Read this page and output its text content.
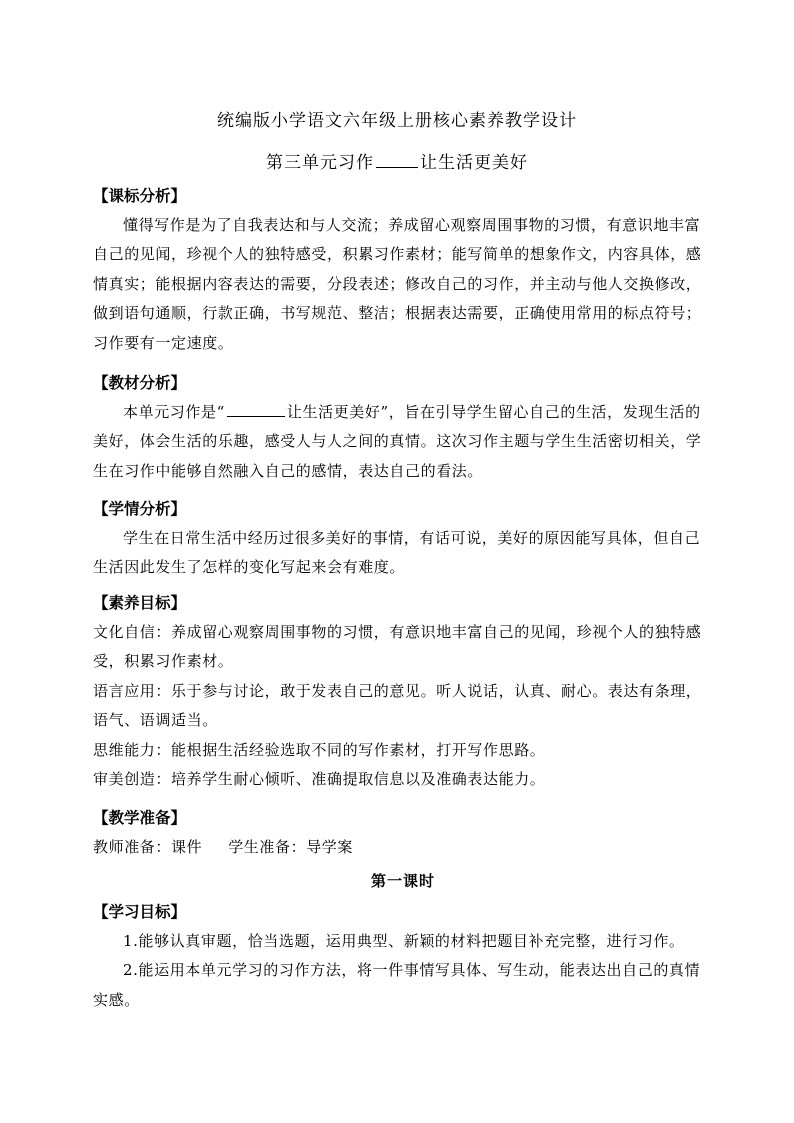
统编版小学语文六年级上册核心素养教学设计
第三单元习作	让生活更美好
【课标分析】
懂得写作是为了自我表达和与人交流；养成留心观察周围事物的习惯，有意识地丰富自己的见闻，珍视个人的独特感受，积累习作素材；能写简单的想象作文，内容具体，感情真实；能根据内容表达的需要，分段表述；修改自己的习作，并主动与他人交换修改，做到语句通顺，行款正确，书写规范、整洁；根据表达需要，正确使用常用的标点符号；习作要有一定速度。
【教材分析】
本单元习作是“	让生活更美好”，旨在引导学生留心自己的生活，发现生活的美好，体会生活的乐趣，感受人与人之间的真情。这次习作主题与学生生活密切相关，学生在习作中能够自然融入自己的感情，表达自己的看法。
【学情分析】
学生在日常生活中经历过很多美好的事情，有话可说，美好的原因能写具体，但自己生活因此发生了怎样的变化写起来会有难度。
【素养目标】
文化自信：养成留心观察周围事物的习惯，有意识地丰富自己的见闻，珍视个人的独特感受，积累习作素材。
语言应用：乐于参与讨论，敢于发表自己的意见。听人说话，认真、耐心。表达有条理，语气、语调适当。
思维能力：能根据生活经验选取不同的写作素材，打开写作思路。
审美创造：培养学生耐心倾听、准确提取信息以及准确表达能力。
【教学准备】
教师准备：课件 学生准备：导学案
第一课时
【学习目标】
1.能够认真审题，恰当选题，运用典型、新颖的材料把题目补充完整，进行习作。
2.能运用本单元学习的习作方法，将一件事情写具体、写生动，能表达出自己的真情实感。
